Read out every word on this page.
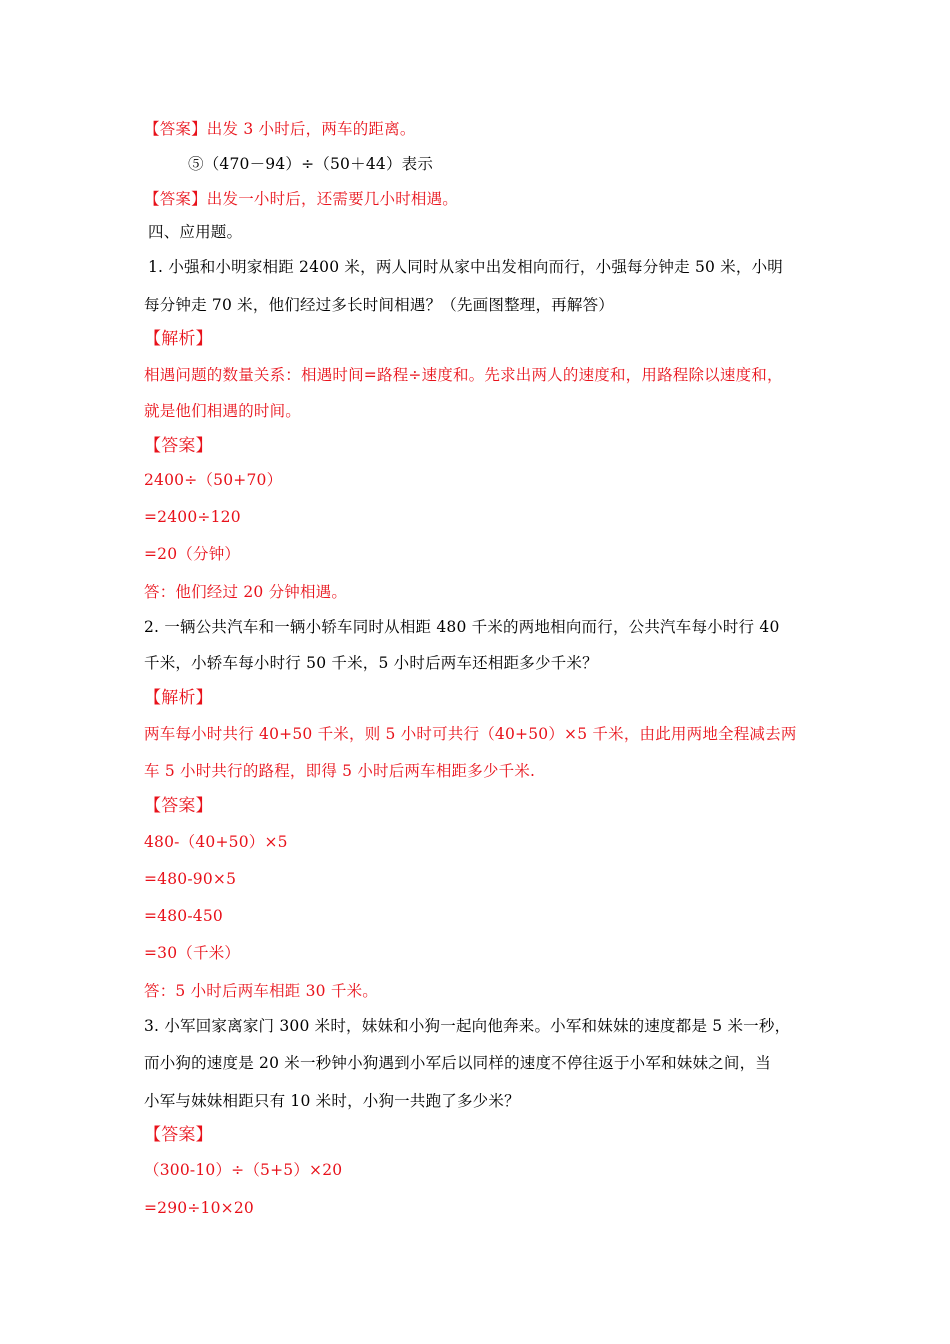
【答案】出发 3 小时后，两车的距离。
⑤（470－94）÷（50＋44）表示
【答案】出发一小时后，还需要几小时相遇。
四、应用题。
1. 小强和小明家相距 2400 米，两人同时从家中出发相向而行，小强每分钟走 50 米，小明
每分钟走 70 米，他们经过多长时间相遇？（先画图整理，再解答）
【解析】
相遇问题的数量关系：相遇时间=路程÷速度和。先求出两人的速度和，用路程除以速度和，
就是他们相遇的时间。
【答案】
2400÷（50+70）
=2400÷120
=20（分钟）
答：他们经过 20 分钟相遇。
2. 一辆公共汽车和一辆小轿车同时从相距 480 千米的两地相向而行，公共汽车每小时行 40
千米，小轿车每小时行 50 千米，5 小时后两车还相距多少千米？
【解析】
两车每小时共行 40+50 千米，则 5 小时可共行（40+50）×5 千米，由此用两地全程减去两
车 5 小时共行的路程，即得 5 小时后两车相距多少千米.
【答案】
480-（40+50）×5
=480-90×5
=480-450
=30（千米）
答：5 小时后两车相距 30 千米。
3. 小军回家离家门 300 米时，妹妹和小狗一起向他奔来。小军和妹妹的速度都是 5 米一秒，
而小狗的速度是 20 米一秒钟小狗遇到小军后以同样的速度不停往返于小军和妹妹之间，当
小军与妹妹相距只有 10 米时，小狗一共跑了多少米？
【答案】
（300-10）÷（5+5）×20
=290÷10×20
